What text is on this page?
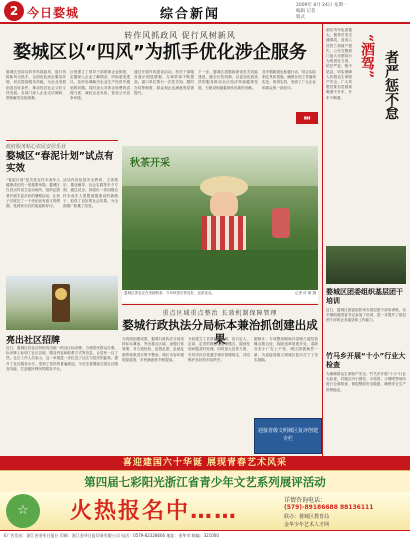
2 今日婺城	综合新闻
2009年 8月 24日 星期一
编辑 记者
版式
转作风抓政风 促行风树新风
婺城区以“四风”为抓手优化涉企服务
婺城区坚持以转作风抓政风、促行风树新风为抓手，全面优化涉企服务环境，切实提高服务效能，为企业发展创造良好条件，推动经济社会又好又快发展。各部门深入企业走访调研，帮助解决实际困难。
区里建立了领导干部联系企业制度，定期深入企业了解情况，听取意见建议，及时协调解决企业生产经营中遇到的问题。同时加大对涉企收费的清理力度，减轻企业负担，营造公平竞争环境。
通过开展作风建设活动，机关干部服务意识明显增强，办事效率不断提高。窗口单位推行一次性告知、限时办结等制度，群众和企业满意度显著提升。
下一步，婺城区将继续深化机关效能建设，健全长效机制，以更加优质高效的服务推动全区经济持续健康发展，为建设和谐婺城作出新的贡献。
各乡镇街道也积极行动，结合实际制定具体措施，确保各项工作落到实处，取得实效，受到了广大企业和群众的一致好评。
▮▮▮
政府服务贴心农民安居乐业
婺城区“春泥计划”试点有实效
“春泥计划”是关爱农村未成年人健康成长的一项重要举措。婺城区在试点村设立活动场所，组织志愿者开展丰富多彩的暑期活动，让孩子们度过了一个快乐而有意义的假期，受到家长们的欢迎和好评。
活动内容包括安全教育、文体娱乐、课业辅导、社会实践等多个方面。通过试点，探索出一条加强农村未成年人思想道德建设的新路子，取得了良好的社会效果，为全面推广积累了经验。
亮出社区招牌
近日，婺城区各社区纷纷亮出统一的社区标识牌，方便居民群众办事。标识牌上标明了社区名称、服务内容和联系方式等信息，让居民一目了然。社区工作人员表示，这一举措进一步拉近了社区与居民的距离，提升了社区服务水平，受到了居民的普遍欢迎。今后还将继续完善社区服务功能，打造便民利民的服务平台。
秋茶开采
婺城区茶农正在采摘秋茶，今年秋茶长势良好，品质优良。	记者 叶 颖 摄
重点区域重点整治 长效机制保障管理
婺城行政执法分局标本兼治抓创建出成果
为巩固创建成果，婺城行政执法分局坚持标本兼治，突出重点区域，加强日常管理，对占道经营、乱搭乱建、乱贴乱画等现象进行集中整治，城区市容环境明显改善，市民满意度不断提高。
分局建立了长效管理机制，实行定人、定岗、定责的网格化管理模式，做到发现问题及时处理。同时加大宣传力度，引导市民自觉遵守城市管理规定，共同维护良好的市容秩序。
据统计，专项整治期间共清理占道经营摊点数百处，拆除违章搭建多处，清除各类小广告上千张，城区面貌焕然一新，为迎接省级文明城区复评打下了坚实基础。
酒后驾车危害极大，极易引发交通事故，造成人员伤亡和财产损失。公安交警部门加大对酒驾行为的查处力度，依法严惩，绝不姑息，切实保障人民群众生命财产安全。广大驾驶员要自觉做到喝酒不开车，开车不喝酒。
“酒驾” 者严惩不怠
婺城区团委组织基层团干培训
近日，婺城区团委组织举办基层团干部培训班，各乡镇街道团委书记参加了培训，进一步提升了基层团干部的业务素质和工作能力。
竹马乡开展“十小”行业大检查
为保障群众生命财产安全，竹马乡开展“十小”行业大检查，对辖区内小餐饮、小旅馆、小网吧等场所进行全面排查，督促整改安全隐患，确保安全生产形势稳定。
迎接省级文明城区复评创建专栏
喜迎建国六十华诞 展现青春艺术风采
第四届七彩阳光浙江省青少年文艺系列展评活动
☆	火热报名中……	详情咨询电话：
(579)-89186688 88136111
联办：婺城区教育局
金华少年艺术人才网
E广告发布：浙江省金华日报社 印刷：浙江金华日报印务有限公司 电话：0579-82328666 地址：金华市 邮编：321000
